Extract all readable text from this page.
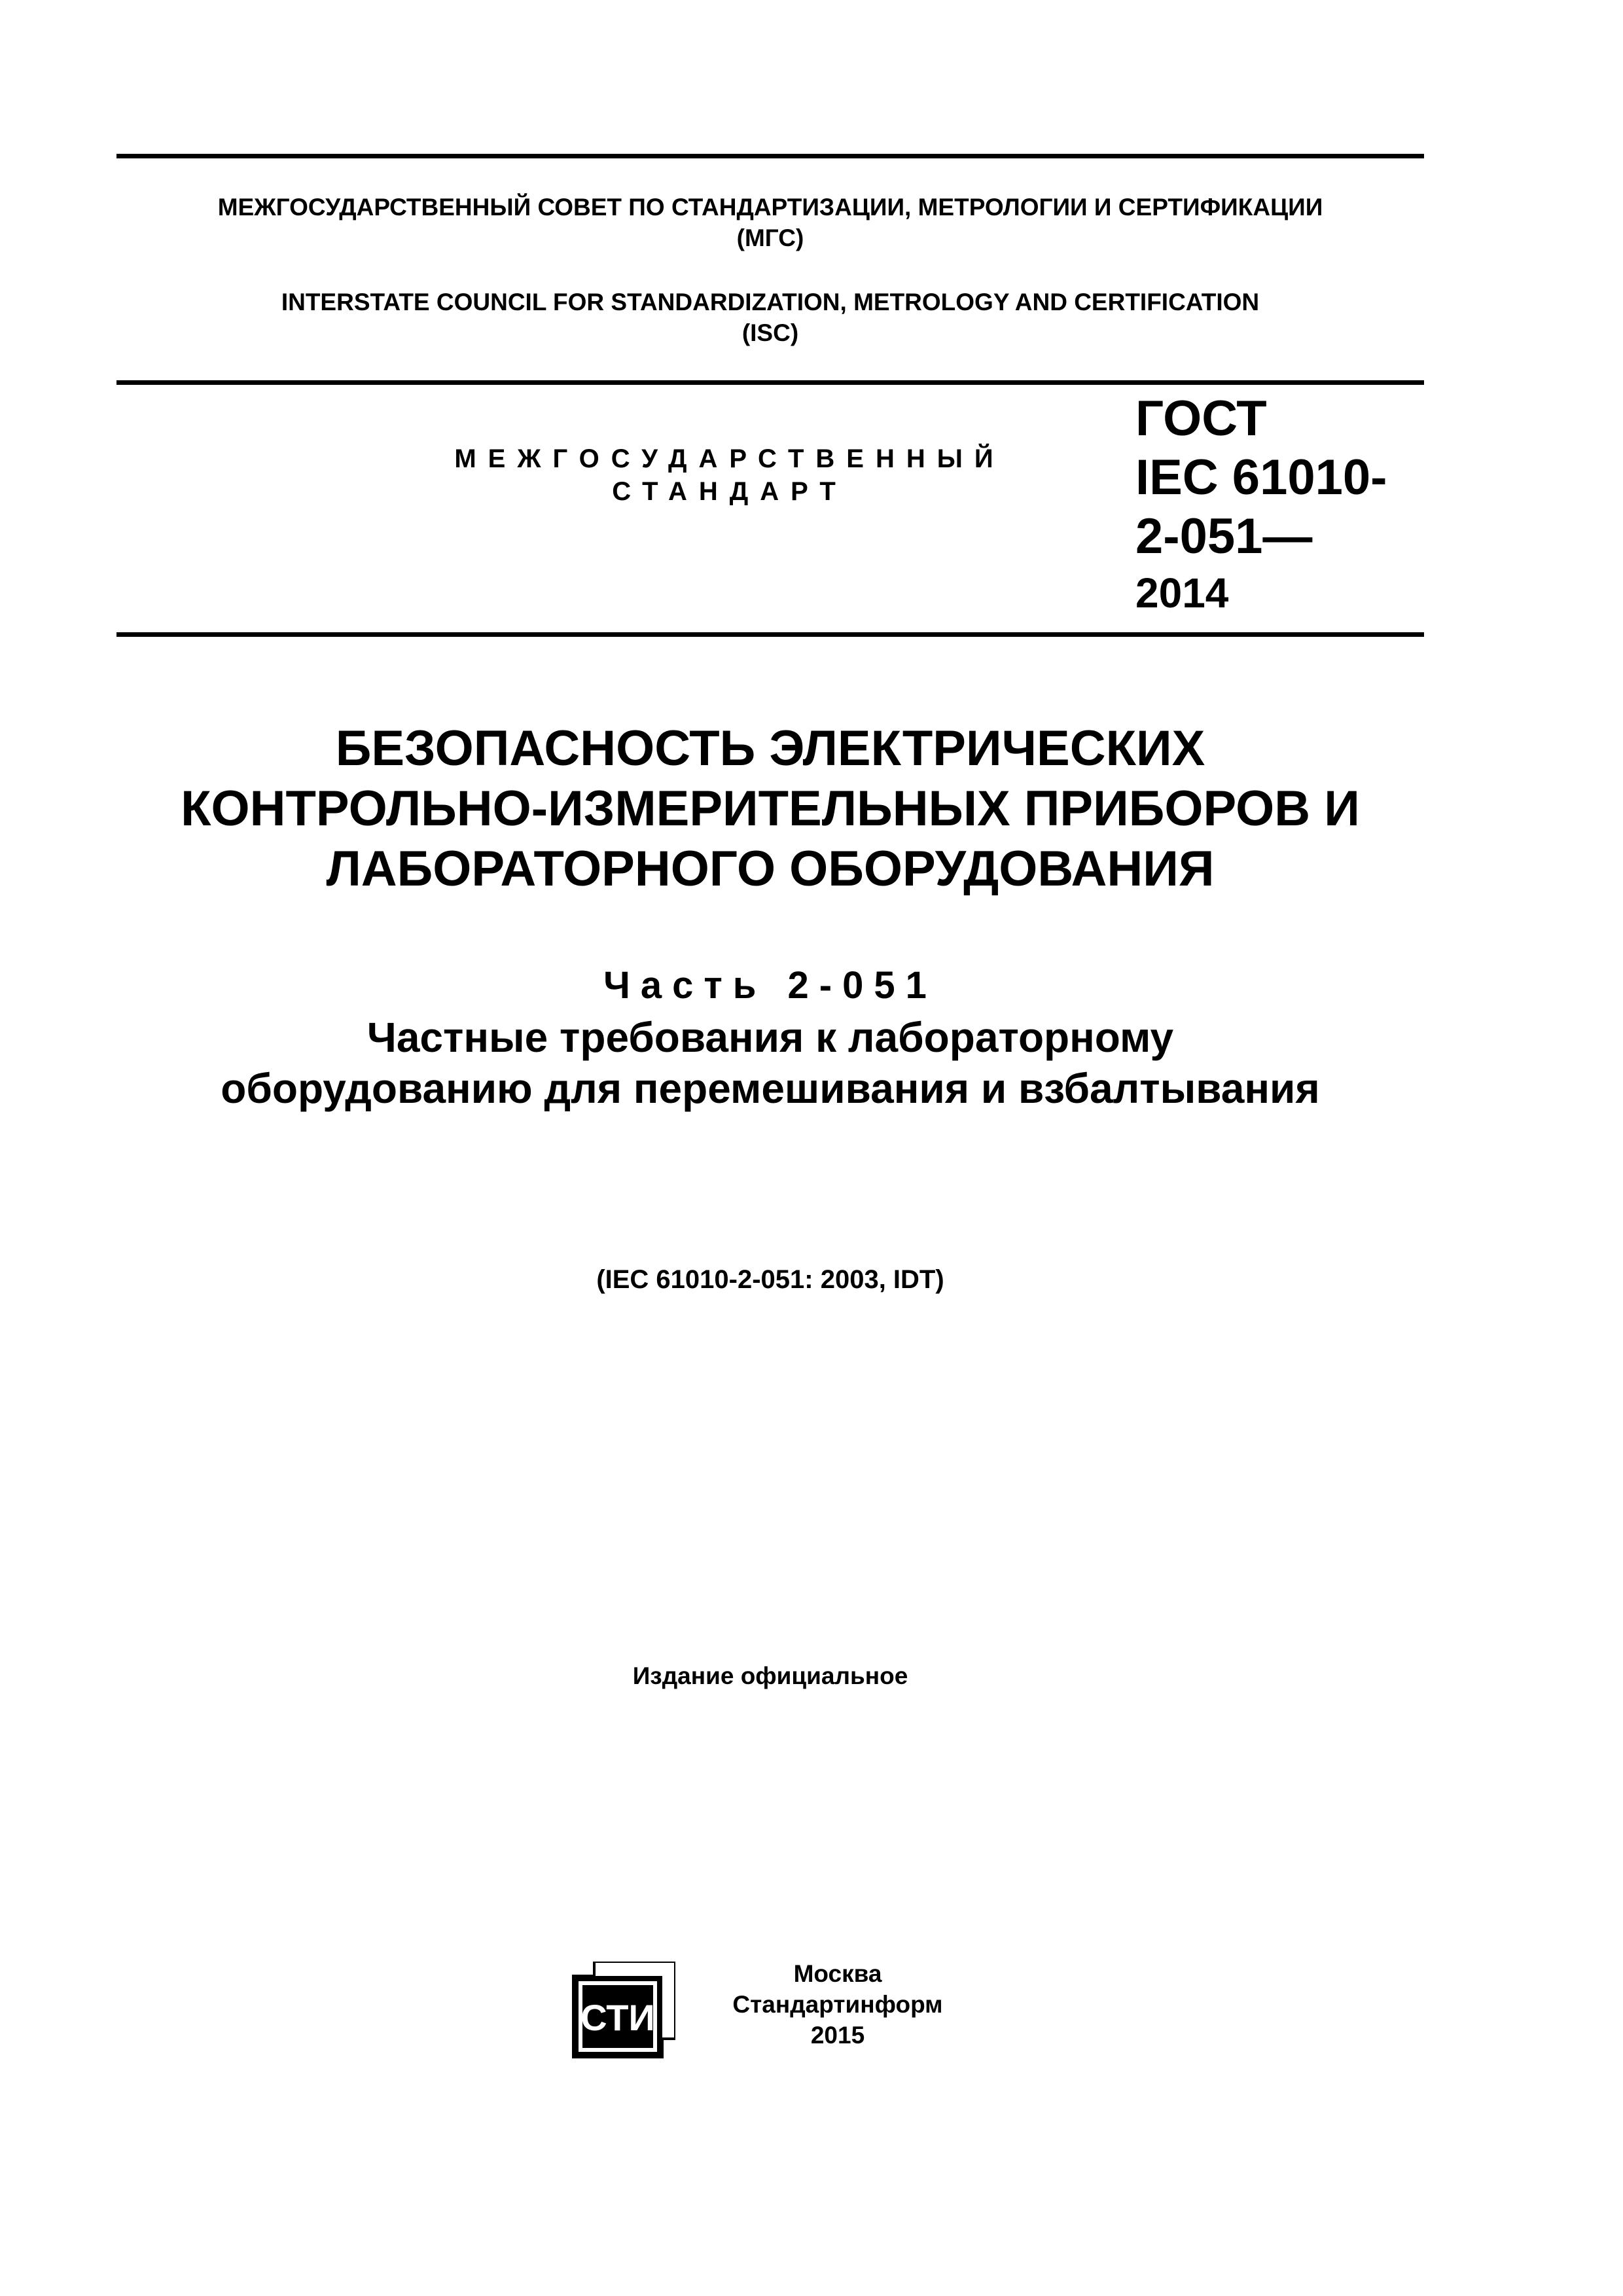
МЕЖГОСУДАРСТВЕННЫЙ СОВЕТ ПО СТАНДАРТИЗАЦИИ, МЕТРОЛОГИИ И СЕРТИФИКАЦИИ
(МГС)
INTERSTATE COUNCIL FOR STANDARDIZATION, METROLOGY AND CERTIFICATION
(ISC)
МЕЖГОСУДАРСТВЕННЫЙ
СТАНДАРТ
ГОСТ
IEC 61010-
2-051—
2014
БЕЗОПАСНОСТЬ ЭЛЕКТРИЧЕСКИХ
КОНТРОЛЬНО-ИЗМЕРИТЕЛЬНЫХ ПРИБОРОВ И
ЛАБОРАТОРНОГО ОБОРУДОВАНИЯ
Часть 2-051
Частные требования к лабораторному
оборудованию для перемешивания и взбалтывания
(IEC 61010-2-051: 2003, IDT)
Издание официальное
СТИ
Москва
Стандартинформ
2015
